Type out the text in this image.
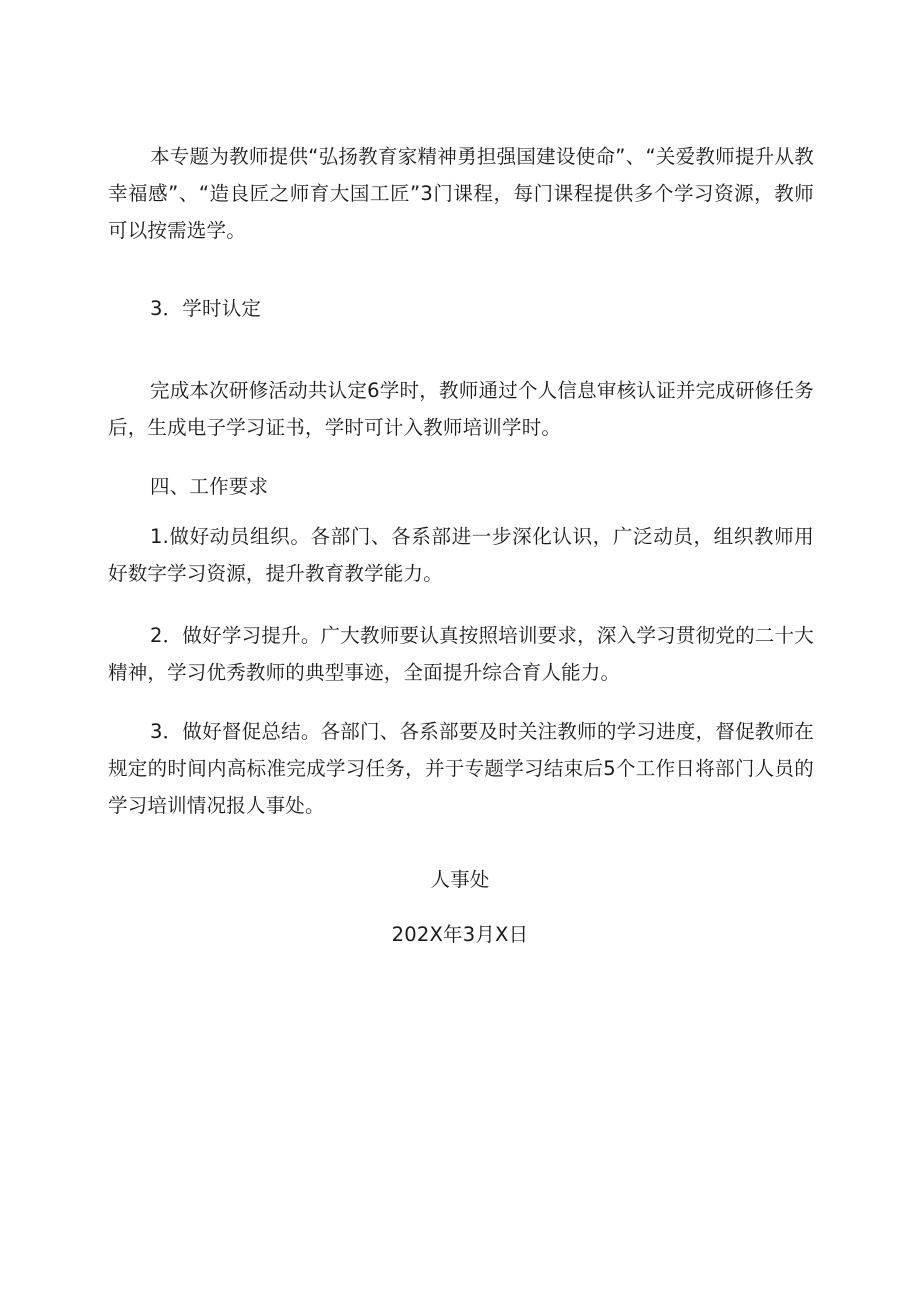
本专题为教师提供“弘扬教育家精神勇担强国建设使命”、“关爱教师提升从教幸福感”、“造良匠之师育大国工匠”3门课程，每门课程提供多个学习资源，教师可以按需选学。

3．学时认定

完成本次研修活动共认定6学时，教师通过个人信息审核认证并完成研修任务后，生成电子学习证书，学时可计入教师培训学时。

四、工作要求

1.做好动员组织。各部门、各系部进一步深化认识，广泛动员，组织教师用好数字学习资源，提升教育教学能力。

2．做好学习提升。广大教师要认真按照培训要求，深入学习贯彻党的二十大精神，学习优秀教师的典型事迹，全面提升综合育人能力。

3．做好督促总结。各部门、各系部要及时关注教师的学习进度，督促教师在规定的时间内高标准完成学习任务，并于专题学习结束后5个工作日将部门人员的学习培训情况报人事处。

人事处

202X年3月X日
